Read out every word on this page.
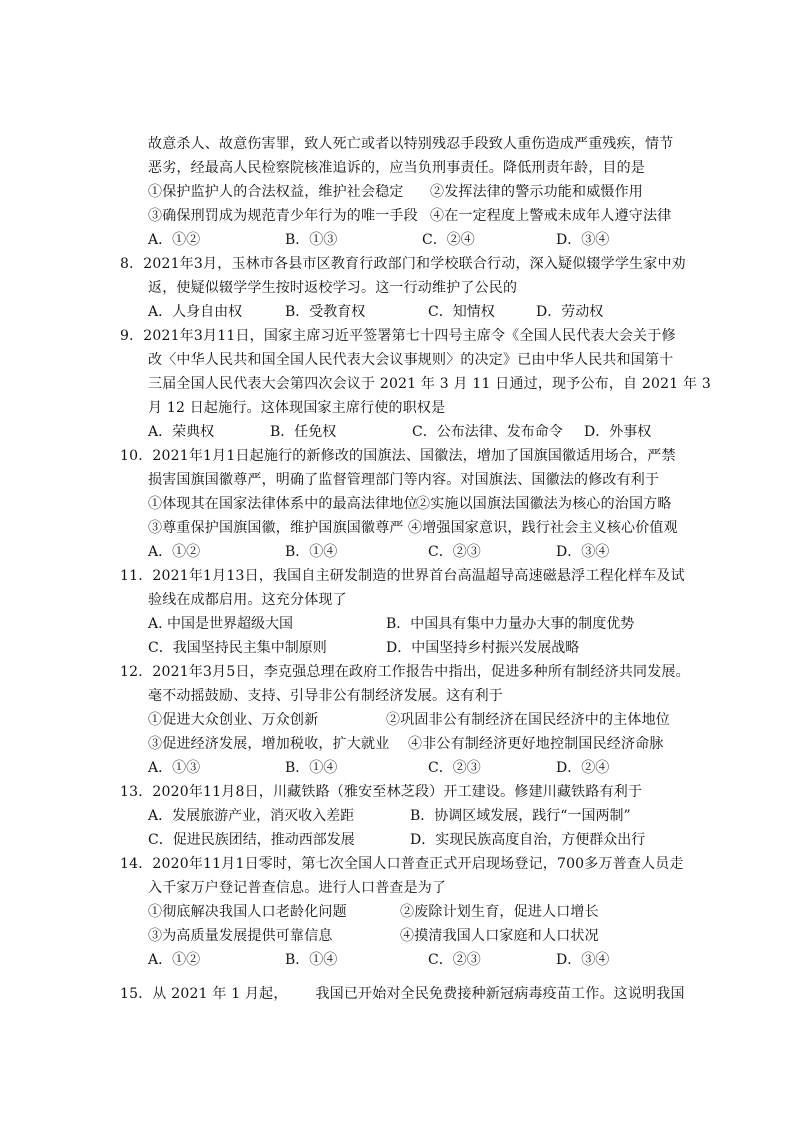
故意杀人、故意伤害罪，致人死亡或者以特别残忍手段致人重伤造成严重残疾，情节
恶劣，经最高人民检察院核准追诉的，应当负刑事责任。降低刑责年龄，目的是
①保护监护人的合法权益，维护社会稳定 ②发挥法律的警示功能和威慑作用
③确保刑罚成为规范青少年行为的唯一手段 ④在一定程度上警戒未成年人遵守法律
A．①②	B．①③	C．②④	D．③④
8．2021年3月，玉林市各县市区教育行政部门和学校联合行动，深入疑似辍学学生家中劝
返，使疑似辍学学生按时返校学习。这一行动维护了公民的
A．人身自由权	B．受教育权	C．知情权	D．劳动权
9．2021年3月11日，国家主席习近平签署第七十四号主席令《全国人民代表大会关于修
改〈中华人民共和国全国人民代表大会议事规则〉的决定》已由中华人民共和国第十
三届全国人民代表大会第四次会议于 2021 年 3 月 11 日通过，现予公布，自 2021 年 3
月 12 日起施行。这体现国家主席行使的职权是
A．荣典权	B．任免权	C．公布法律、发布命令 D．外事权
10．2021年1月1日起施行的新修改的国旗法、国徽法，增加了国旗国徽适用场合，严禁
损害国旗国徽尊严，明确了监督管理部门等内容。对国旗法、国徽法的修改有利于
①体现其在国家法律体系中的最高法律地位
②实施以国旗法国徽法为核心的治国方略
③尊重保护国旗国徽，维护国旗国徽尊严 ④增强国家意识，践行社会主义核心价值观
A．①②	B．①④	C．②③	D．③④
11．2021年1月13日，我国自主研发制造的世界首台高温超导高速磁悬浮工程化样车及试
验线在成都启用。这充分体现了
A. 中国是世界超级大国	B．中国具有集中力量办大事的制度优势
C．我国坚持民主集中制原则	D．中国坚持乡村振兴发展战略
12．2021年3月5日，李克强总理在政府工作报告中指出，促进多种所有制经济共同发展。
毫不动摇鼓励、支持、引导非公有制经济发展。这有利于
①促进大众创业、万众创新	②巩固非公有制经济在国民经济中的主体地位
③促进经济发展，增加税收，扩大就业 ④非公有制经济更好地控制国民经济命脉
A．①③	B．①④	C．②③	D．②④
13．2020年11月8日，川藏铁路（雅安至林芝段）开工建设。修建川藏铁路有利于
A．发展旅游产业，消灭收入差距	B．协调区域发展，践行“一国两制”
C．促进民族团结，推动西部发展	D．实现民族高度自治，方便群众出行
14．2020年11月1日零时，第七次全国人口普查正式开启现场登记，700多万普查人员走
入千家万户登记普查信息。进行人口普查是为了
①彻底解决我国人口老龄化问题	②废除计划生育，促进人口增长
③为高质量发展提供可靠信息	④摸清我国人口家庭和人口状况
A．①②	B．①④	C．②③	D．③④
15．从 2021 年 1 月起，      我国已开始对全民免费接种新冠病毒疫苗工作。这说明我国
